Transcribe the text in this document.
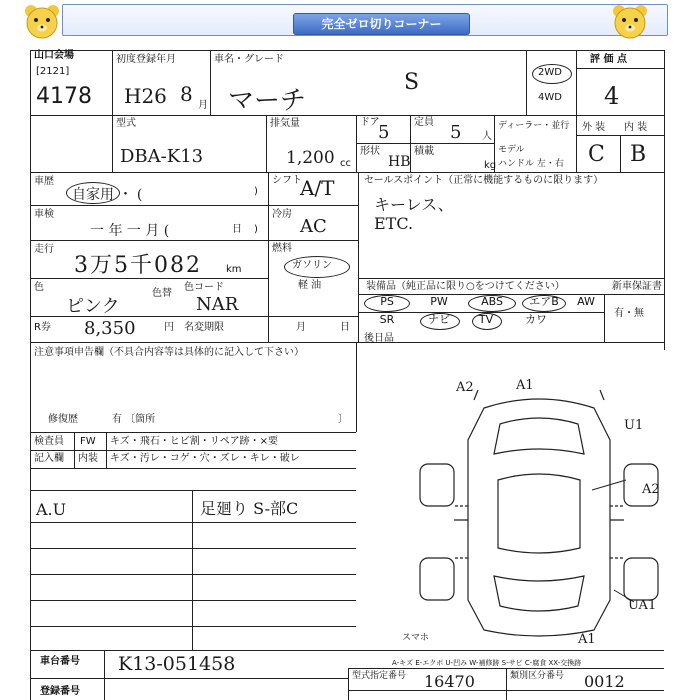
完全ゼロ切りコーナー
山口会場
[2121]
4178
初度登録年月
H26 8 月
車名・グレード
マーチ
S	2WD
4WD
評 価 点
4
型式
DBA-K13
排気量
1,200 cc
ドア
5 定員 5 人
形状
HB
積載
kg
ディーラー・並行
モデル
ハンドル 左・右
外 装 内 装
C B
車歴
自家用 ・ (	)
車検
一 年 一 月 (	日 )
走行
3万5千082 km
色
ピンク
色替
R券 8,350	円 名変期限	月	日
シフト
A/T
冷房
AC
燃料
ガソリン
軽 油
色コード
NAR
セールスポイント（正常に機能するものに限ります）
キーレス、
ETC.
装備品（純正品に限り○をつけてください）	新車保証書
有・無
PS	PW	ABS	エアB	AW
SR	ナビ	TV	カワ
後日品
注意事項申告欄（不具合内容等は具体的に記入して下さい）
修復歴	有 〔箇所	〕
検査員
記入欄
FW
内装
キズ・飛石・ヒビ割・リペア跡・×要
キズ・汚レ・コゲ・穴・ズレ・キレ・破レ
A.U	足廻り S-部C
A2	A1
U1
A2
UA1
A1
スマホ
車台番号 K13-051458
登録番号
A-キズ E-エクボ U-凹み W-補修跡 S-サビ C-腐食 XX-交換跡
型式指定番号	類別区分番号
16470	0012
